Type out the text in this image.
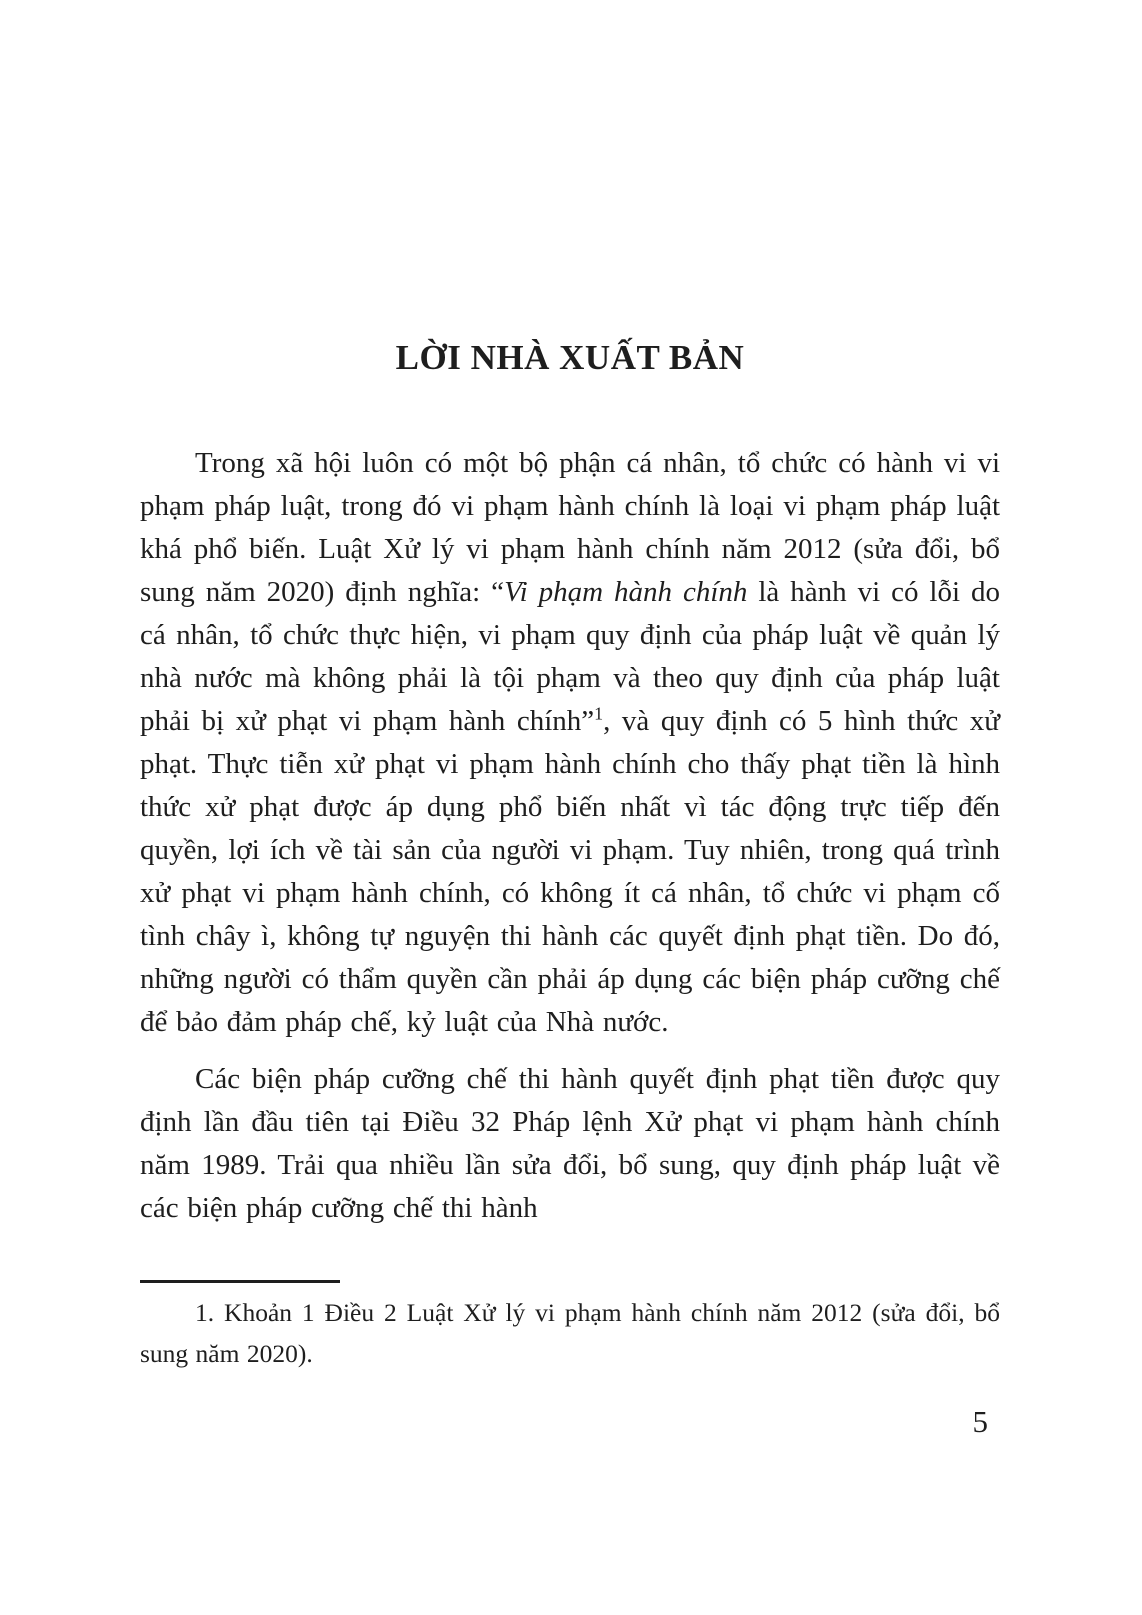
LỜI NHÀ XUẤT BẢN

Trong xã hội luôn có một bộ phận cá nhân, tổ chức có hành vi vi phạm pháp luật, trong đó vi phạm hành chính là loại vi phạm pháp luật khá phổ biến. Luật Xử lý vi phạm hành chính năm 2012 (sửa đổi, bổ sung năm 2020) định nghĩa: “Vi phạm hành chính là hành vi có lỗi do cá nhân, tổ chức thực hiện, vi phạm quy định của pháp luật về quản lý nhà nước mà không phải là tội phạm và theo quy định của pháp luật phải bị xử phạt vi phạm hành chính”$^1$, và quy định có 5 hình thức xử phạt. Thực tiễn xử phạt vi phạm hành chính cho thấy phạt tiền là hình thức xử phạt được áp dụng phổ biến nhất vì tác động trực tiếp đến quyền, lợi ích về tài sản của người vi phạm. Tuy nhiên, trong quá trình xử phạt vi phạm hành chính, có không ít cá nhân, tổ chức vi phạm cố tình chây ì, không tự nguyện thi hành các quyết định phạt tiền. Do đó, những người có thẩm quyền cần phải áp dụng các biện pháp cưỡng chế để bảo đảm pháp chế, kỷ luật của Nhà nước.

Các biện pháp cưỡng chế thi hành quyết định phạt tiền được quy định lần đầu tiên tại Điều 32 Pháp lệnh Xử phạt vi phạm hành chính năm 1989. Trải qua nhiều lần sửa đổi, bổ sung, quy định pháp luật về các biện pháp cưỡng chế thi hành

1. Khoản 1 Điều 2 Luật Xử lý vi phạm hành chính năm 2012 (sửa đổi, bổ sung năm 2020).

5
